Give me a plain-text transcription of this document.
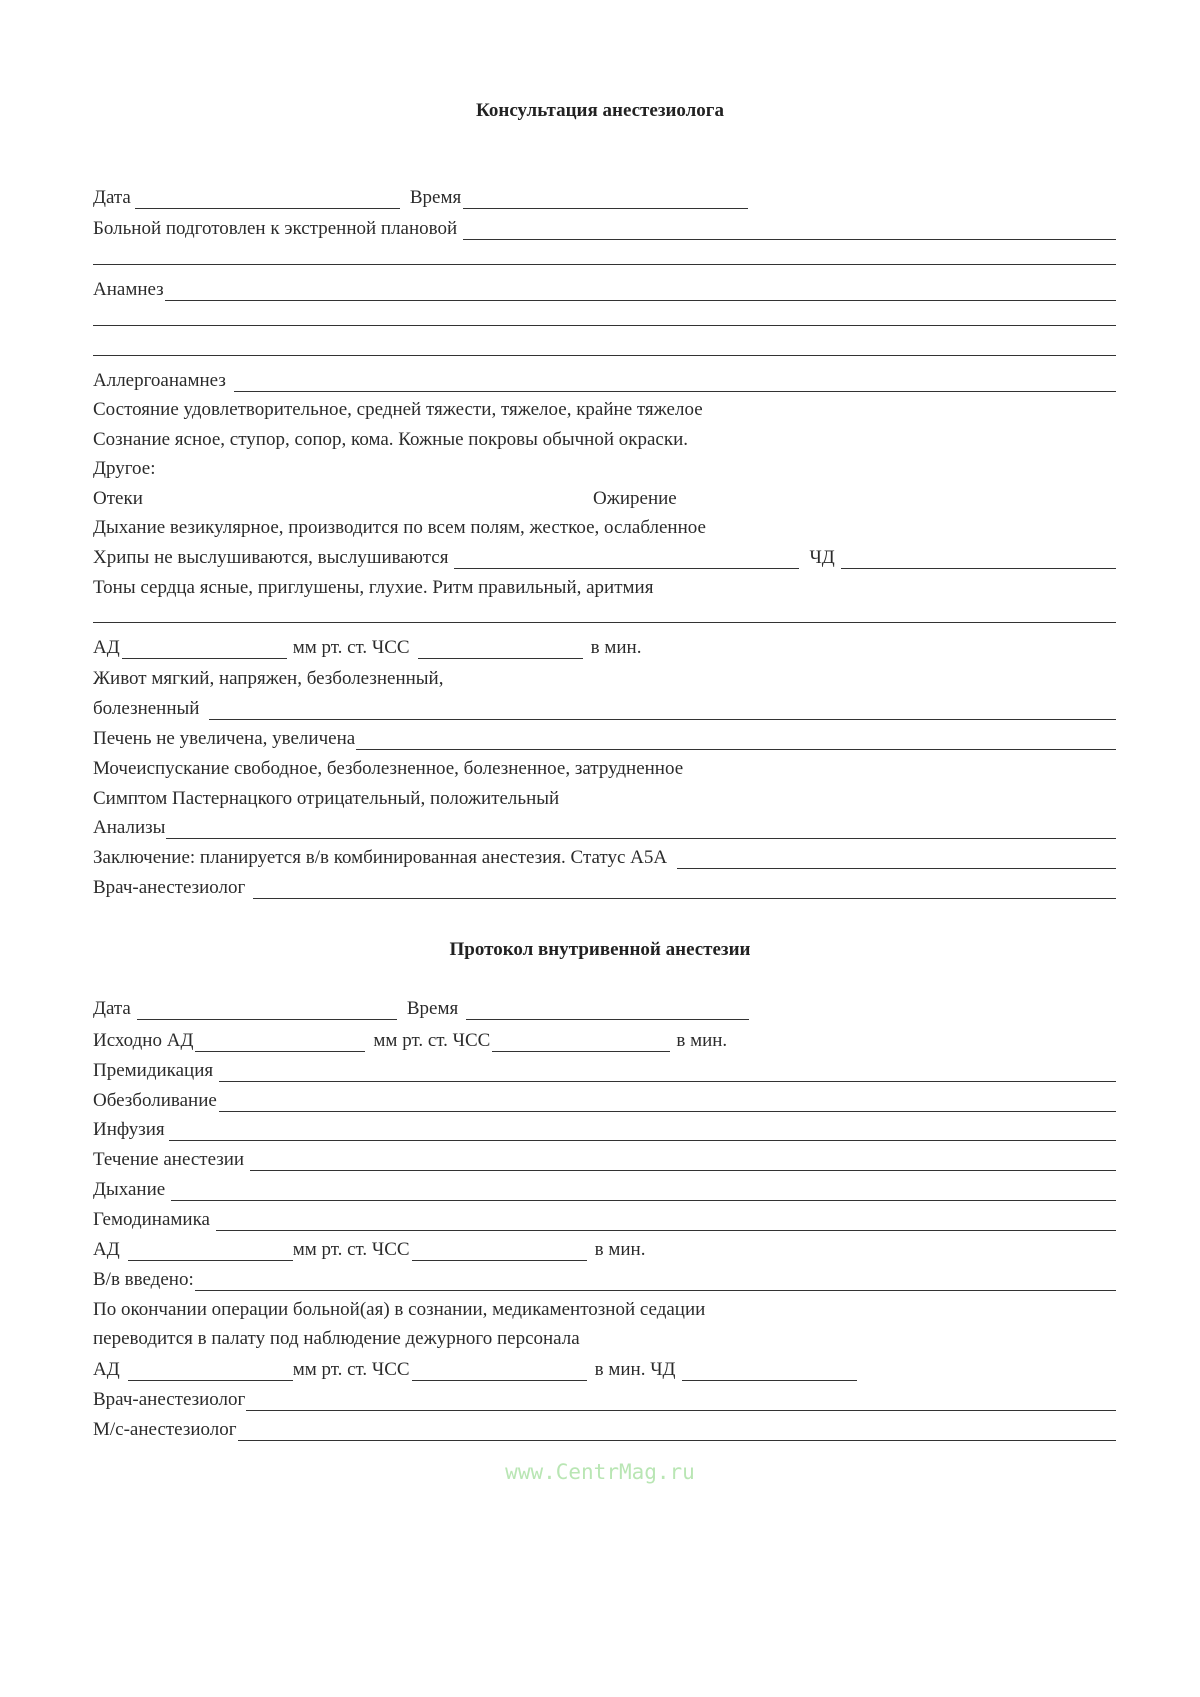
Консультация анестезиолога
Дата	Время
Больной подготовлен к экстренной плановой
Анамнез
Аллергоанамнез
Состояние удовлетворительное, средней тяжести, тяжелое, крайне тяжелое
Сознание ясное, ступор, сопор, кома. Кожные покровы обычной окраски.
Другое:
Отеки	Ожирение
Дыхание везикулярное, производится по всем полям, жесткое, ослабленное
Хрипы не выслушиваются, выслушиваются	ЧД
Тоны сердца ясные, приглушены, глухие. Ритм правильный, аритмия
АД	мм рт. ст. ЧСС	в мин.
Живот мягкий, напряжен, безболезненный,
болезненный
Печень не увеличена, увеличена
Мочеиспускание свободное, безболезненное, болезненное, затрудненное
Симптом Пастернацкого отрицательный, положительный
Анализы
Заключение: планируется в/в комбинированная анестезия. Статус А5А
Врач-анестезиолог
Протокол внутривенной анестезии
Дата	Время
Исходно АД	мм рт. ст. ЧСС	в мин.
Премидикация
Обезболивание
Инфузия
Течение анестезии
Дыхание
Гемодинамика
АД	мм рт. ст. ЧСС	в мин.
В/в введено:
По окончании операции больной(ая) в сознании, медикаментозной седации
переводится в палату под наблюдение дежурного персонала
АД	мм рт. ст. ЧСС	в мин. ЧД
Врач-анестезиолог
М/с-анестезиолог
www.CentrMag.ru
